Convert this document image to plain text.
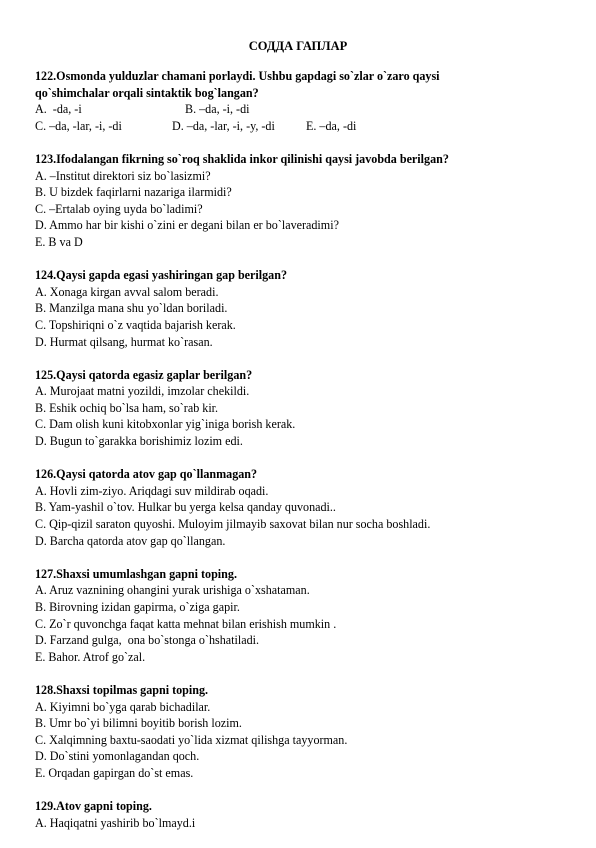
СОДДА ГАПЛАР
122.Osmonda yulduzlar chamani porlaydi. Ushbu gapdagi so`zlar o`zaro qaysi
qo`shimchalar orqali sintaktik bog`langan?
A.  -da, -i	B. –da, -i, -di
C. –da, -lar, -i, -di	D. –da, -lar, -i, -y, -di	E. –da, -di
123.Ifodalangan fikrning so`roq shaklida inkor qilinishi qaysi javobda berilgan?
A. –Institut direktori siz bo`lasizmi?
B. U bizdek faqirlarni nazariga ilarmidi?
C. –Ertalab oying uyda bo`ladimi?
D. Ammo har bir kishi o`zini er degani bilan er bo`laveradimi?
E. B va D
124.Qaysi gapda egasi yashiringan gap berilgan?
A. Xonaga kirgan avval salom beradi.
B. Manzilga mana shu yo`ldan boriladi.
C. Topshiriqni o`z vaqtida bajarish kerak.
D. Hurmat qilsang, hurmat ko`rasan.
125.Qaysi qatorda egasiz gaplar berilgan?
A. Murojaat matni yozildi, imzolar chekildi.
B. Eshik ochiq bo`lsa ham, so`rab kir.
C. Dam olish kuni kitobxonlar yig`iniga borish kerak.
D. Bugun to`garakka borishimiz lozim edi.
126.Qaysi qatorda atov gap qo`llanmagan?
A. Hovli zim-ziyo. Ariqdagi suv mildirab oqadi.
B. Yam-yashil o`tov. Hulkar bu yerga kelsa qanday quvonadi..
C. Qip-qizil saraton quyoshi. Muloyim jilmayib saxovat bilan nur socha boshladi.
D. Barcha qatorda atov gap qo`llangan.
127.Shaxsi umumlashgan gapni toping.
A. Aruz vaznining ohangini yurak urishiga o`xshataman.
B. Birovning izidan gapirma, o`ziga gapir.
C. Zo`r quvonchga faqat katta mehnat bilan erishish mumkin .
D. Farzand gulga,  ona bo`stonga o`hshatiladi.
E. Bahor. Atrof go`zal.
128.Shaxsi topilmas gapni toping.
A. Kiyimni bo`yga qarab bichadilar.
B. Umr bo`yi bilimni boyitib borish lozim.
C. Xalqimning baxtu-saodati yo`lida xizmat qilishga tayyorman.
D. Do`stini yomonlagandan qoch.
E. Orqadan gapirgan do`st emas.
129.Atov gapni toping.
A. Haqiqatni yashirib bo`lmayd.i
